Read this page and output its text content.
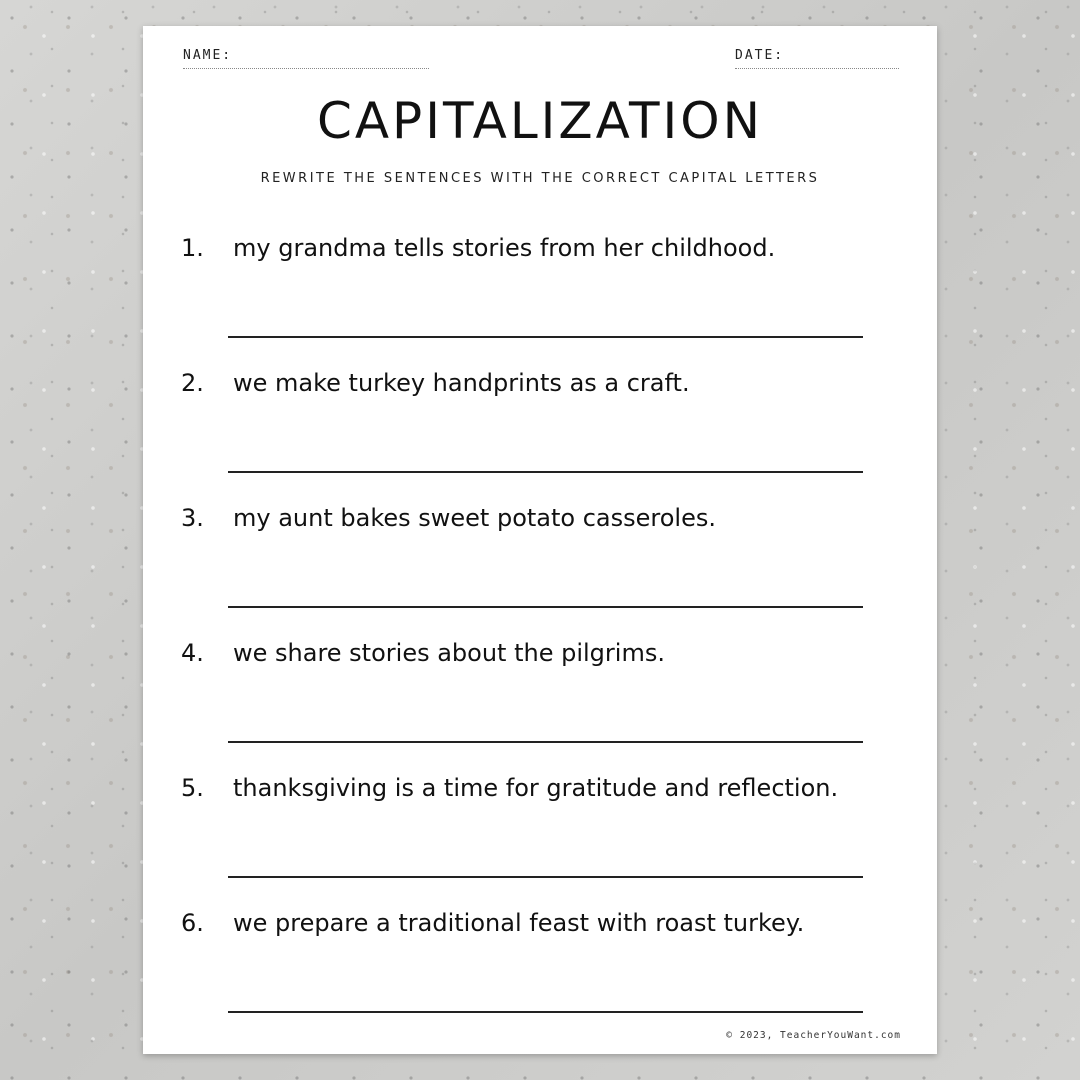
NAME:	DATE:
CAPITALIZATION
REWRITE THE SENTENCES WITH THE CORRECT CAPITAL LETTERS
1. my grandma tells stories from her childhood.
2. we make turkey handprints as a craft.
3. my aunt bakes sweet potato casseroles.
4. we share stories about the pilgrims.
5. thanksgiving is a time for gratitude and reflection.
6. we prepare a traditional feast with roast turkey.
© 2023, TeacherYouWant.com
